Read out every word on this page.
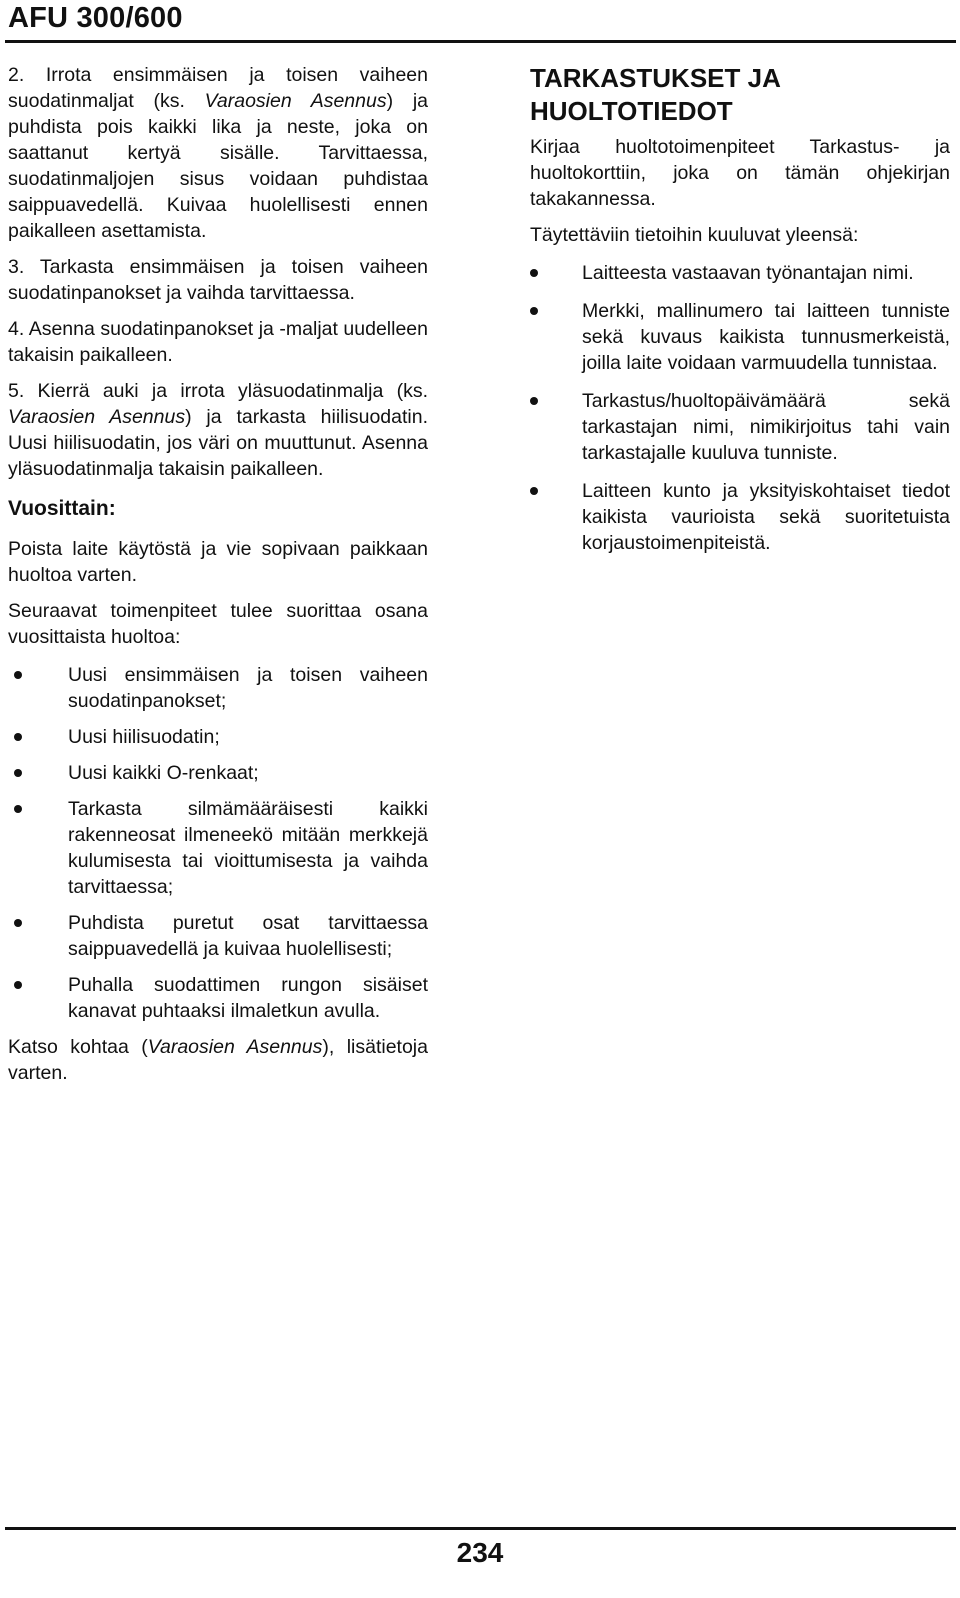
AFU 300/600

2. Irrota ensimmäisen ja toisen vaiheen suodatinmaljat (ks. Varaosien Asennus) ja puhdista pois kaikki lika ja neste, joka on saattanut kertyä sisälle. Tarvittaessa, suodatinmaljojen sisus voidaan puhdistaa saippuavedellä. Kuivaa huolellisesti ennen paikalleen asettamista.

3. Tarkasta ensimmäisen ja toisen vaiheen suodatinpanokset ja vaihda tarvittaessa.

4. Asenna suodatinpanokset ja -maljat uudelleen takaisin paikalleen.

5. Kierrä auki ja irrota yläsuodatinmalja (ks. Varaosien Asennus) ja tarkasta hiilisuodatin. Uusi hiilisuodatin, jos väri on muuttunut. Asenna yläsuodatinmalja takaisin paikalleen.

Vuosittain:

Poista laite käytöstä ja vie sopivaan paikkaan huoltoa varten.

Seuraavat toimenpiteet tulee suorittaa osana vuosittaista huoltoa:

Uusi ensimmäisen ja toisen vaiheen suodatinpanokset;
Uusi hiilisuodatin;
Uusi kaikki O-renkaat;
Tarkasta silmämääräisesti kaikki rakenneosat ilmeneekö mitään merkkejä kulumisesta tai vioittumisesta ja vaihda tarvittaessa;
Puhdista puretut osat tarvittaessa saippuavedellä ja kuivaa huolellisesti;
Puhalla suodattimen rungon sisäiset kanavat puhtaaksi ilmaletkun avulla.

Katso kohtaa (Varaosien Asennus), lisätietoja varten.

TARKASTUKSET JA HUOLTOTIEDOT

Kirjaa huoltotoimenpiteet Tarkastus- ja huoltokorttiin, joka on tämän ohjekirjan takakannessa.

Täytettäviin tietoihin kuuluvat yleensä:

Laitteesta vastaavan työnantajan nimi.
Merkki, mallinumero tai laitteen tunniste sekä kuvaus kaikista tunnusmerkeistä, joilla laite voidaan varmuudella tunnistaa.
Tarkastus/huoltopäivämäärä sekä tarkastajan nimi, nimikirjoitus tahi vain tarkastajalle kuuluva tunniste.
Laitteen kunto ja yksityiskohtaiset tiedot kaikista vaurioista sekä suoritetuista korjaustoimenpiteistä.
234
